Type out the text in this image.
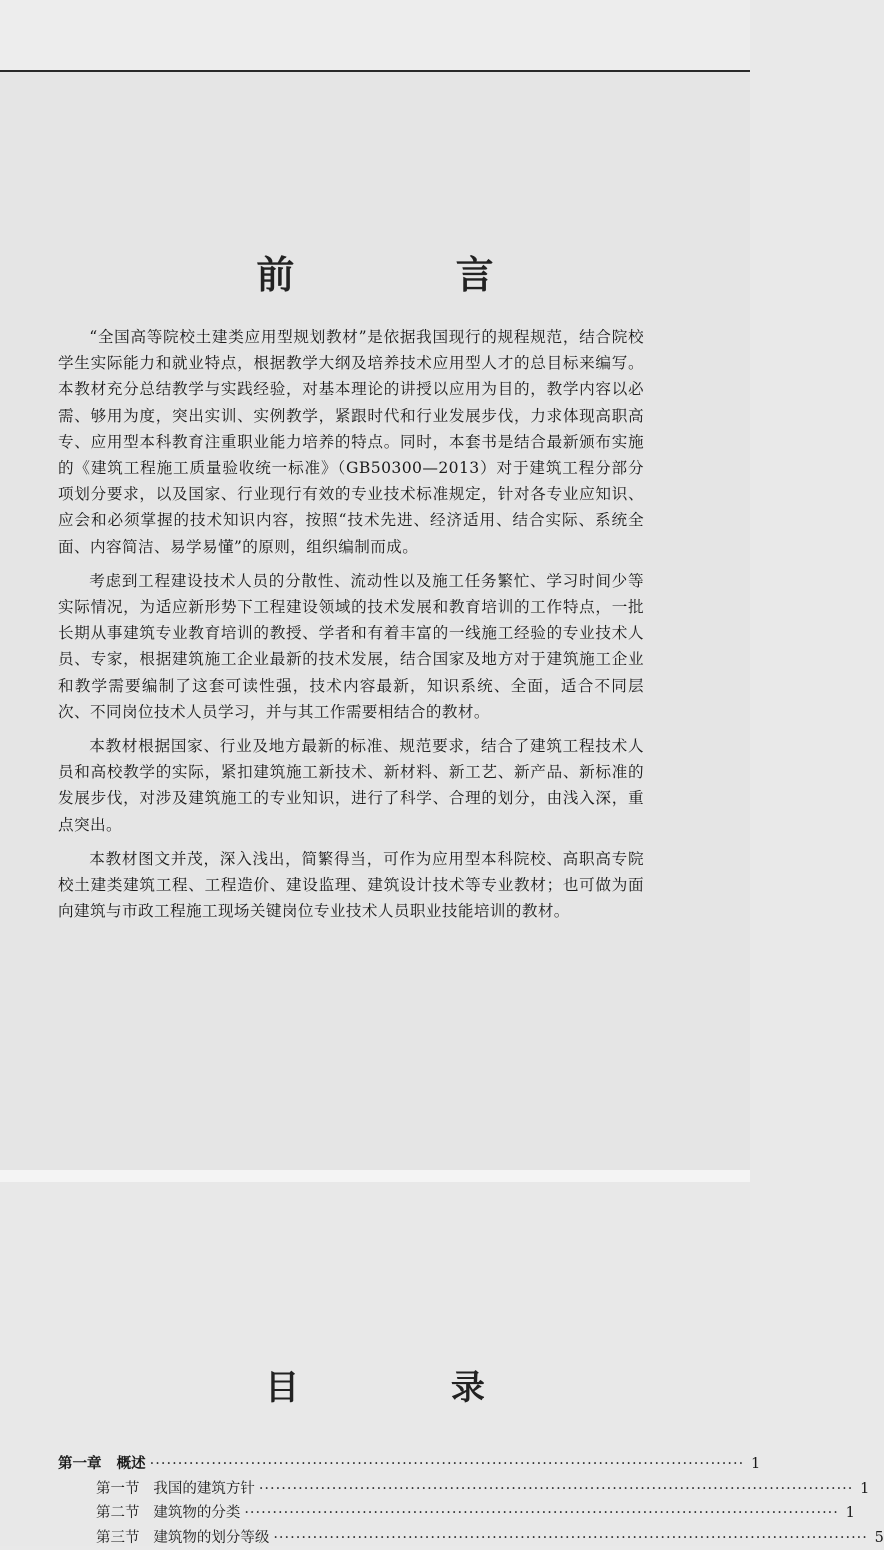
前 言

“全国高等院校土建类应用型规划教材”是依据我国现行的规程规范，结合院校学生实际能力和就业特点，根据教学大纲及培养技术应用型人才的总目标来编写。本教材充分总结教学与实践经验，对基本理论的讲授以应用为目的，教学内容以必需、够用为度，突出实训、实例教学，紧跟时代和行业发展步伐，力求体现高职高专、应用型本科教育注重职业能力培养的特点。同时，本套书是结合最新颁布实施的《建筑工程施工质量验收统一标准》（GB50300—2013）对于建筑工程分部分项划分要求，以及国家、行业现行有效的专业技术标准规定，针对各专业应知识、应会和必须掌握的技术知识内容，按照“技术先进、经济适用、结合实际、系统全面、内容简洁、易学易懂”的原则，组织编制而成。

考虑到工程建设技术人员的分散性、流动性以及施工任务繁忙、学习时间少等实际情况，为适应新形势下工程建设领域的技术发展和教育培训的工作特点，一批长期从事建筑专业教育培训的教授、学者和有着丰富的一线施工经验的专业技术人员、专家，根据建筑施工企业最新的技术发展，结合国家及地方对于建筑施工企业和教学需要编制了这套可读性强，技术内容最新，知识系统、全面，适合不同层次、不同岗位技术人员学习，并与其工作需要相结合的教材。

本教材根据国家、行业及地方最新的标准、规范要求，结合了建筑工程技术人员和高校教学的实际，紧扣建筑施工新技术、新材料、新工艺、新产品、新标准的发展步伐，对涉及建筑施工的专业知识，进行了科学、合理的划分，由浅入深，重点突出。

本教材图文并茂，深入浅出，简繁得当，可作为应用型本科院校、高职高专院校土建类建筑工程、工程造价、建设监理、建筑设计技术等专业教材；也可做为面向建筑与市政工程施工现场关键岗位专业技术人员职业技能培训的教材。

目 录
第一章   概述 ·········································································································· 1
第一节   我国的建筑方针 ·········································································································· 1
第二节   建筑物的分类 ·········································································································· 1
第三节   建筑物的划分等级 ·········································································································· 5
